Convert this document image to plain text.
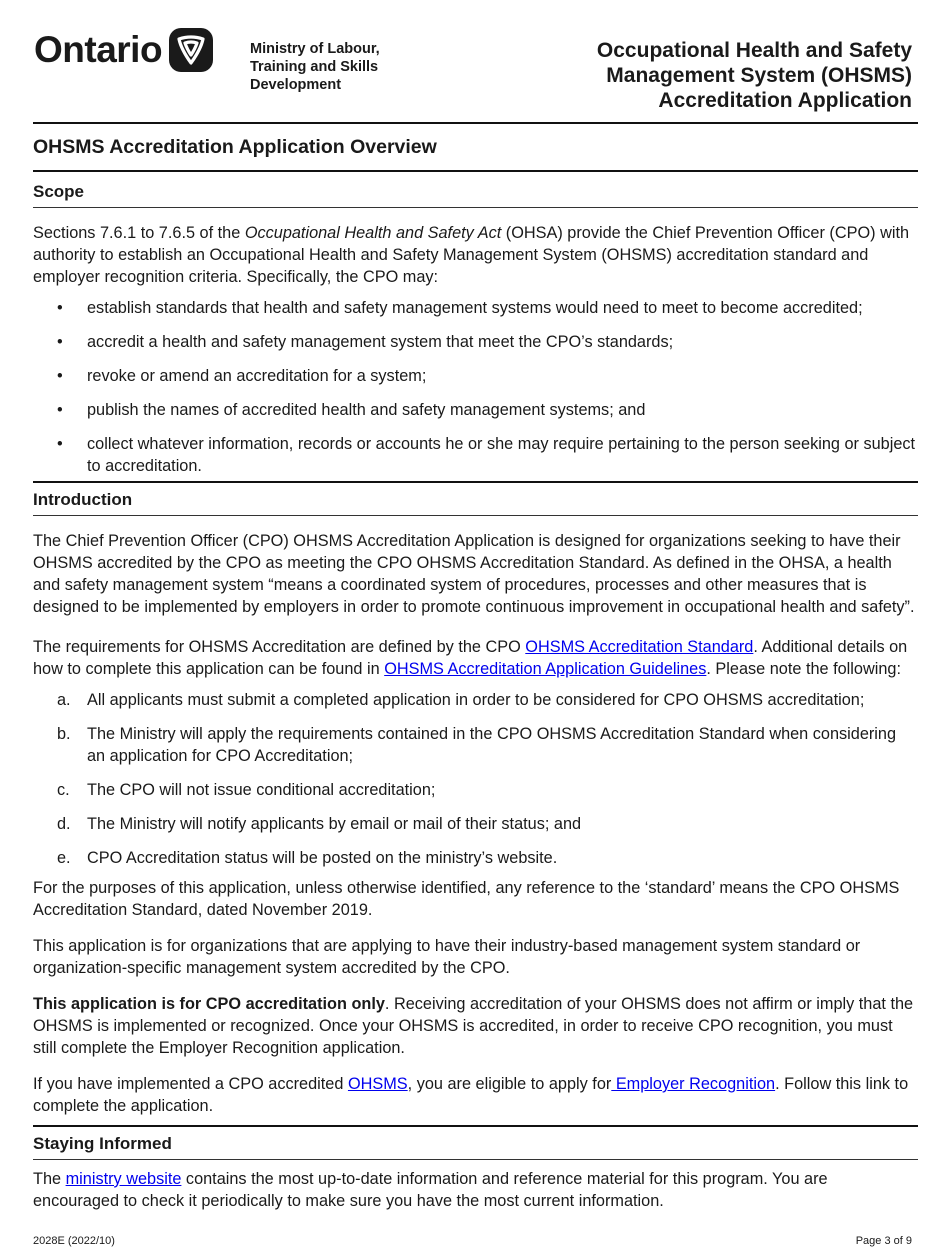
Ontario	Ministry of Labour,
Training and Skills
Development
Occupational Health and Safety
Management System (OHSMS)
Accreditation Application
OHSMS Accreditation Application Overview
Scope

Sections 7.6.1 to 7.6.5 of the Occupational Health and Safety Act (OHSA) provide the Chief Prevention Officer (CPO) with authority to establish an Occupational Health and Safety Management System (OHSMS) accreditation standard and employer recognition criteria. Specifically, the CPO may:

• establish standards that health and safety management systems would need to meet to become accredited;
• accredit a health and safety management system that meet the CPO’s standards;
• revoke or amend an accreditation for a system;
• publish the names of accredited health and safety management systems; and
• collect whatever information, records or accounts he or she may require pertaining to the person seeking or subject to accreditation.
Introduction

The Chief Prevention Officer (CPO) OHSMS Accreditation Application is designed for organizations seeking to have their OHSMS accredited by the CPO as meeting the CPO OHSMS Accreditation Standard. As defined in the OHSA, a health and safety management system “means a coordinated system of procedures, processes and other measures that is designed to be implemented by employers in order to promote continuous improvement in occupational health and safety”.

The requirements for OHSMS Accreditation are defined by the CPO OHSMS Accreditation Standard. Additional details on how to complete this application can be found in OHSMS Accreditation Application Guidelines. Please note the following:

a. All applicants must submit a completed application in order to be considered for CPO OHSMS accreditation;
b. The Ministry will apply the requirements contained in the CPO OHSMS Accreditation Standard when considering an application for CPO Accreditation;
c. The CPO will not issue conditional accreditation;
d. The Ministry will notify applicants by email or mail of their status; and
e. CPO Accreditation status will be posted on the ministry’s website.

For the purposes of this application, unless otherwise identified, any reference to the ‘standard’ means the CPO OHSMS Accreditation Standard, dated November 2019.

This application is for organizations that are applying to have their industry-based management system standard or organization-specific management system accredited by the CPO.

This application is for CPO accreditation only. Receiving accreditation of your OHSMS does not affirm or imply that the OHSMS is implemented or recognized. Once your OHSMS is accredited, in order to receive CPO recognition, you must still complete the Employer Recognition application.

If you have implemented a CPO accredited OHSMS, you are eligible to apply for Employer Recognition. Follow this link to complete the application.

Staying Informed

The ministry website contains the most up-to-date information and reference material for this program. You are encouraged to check it periodically to make sure you have the most current information.

2028E (2022/10)	Page 3 of 9
